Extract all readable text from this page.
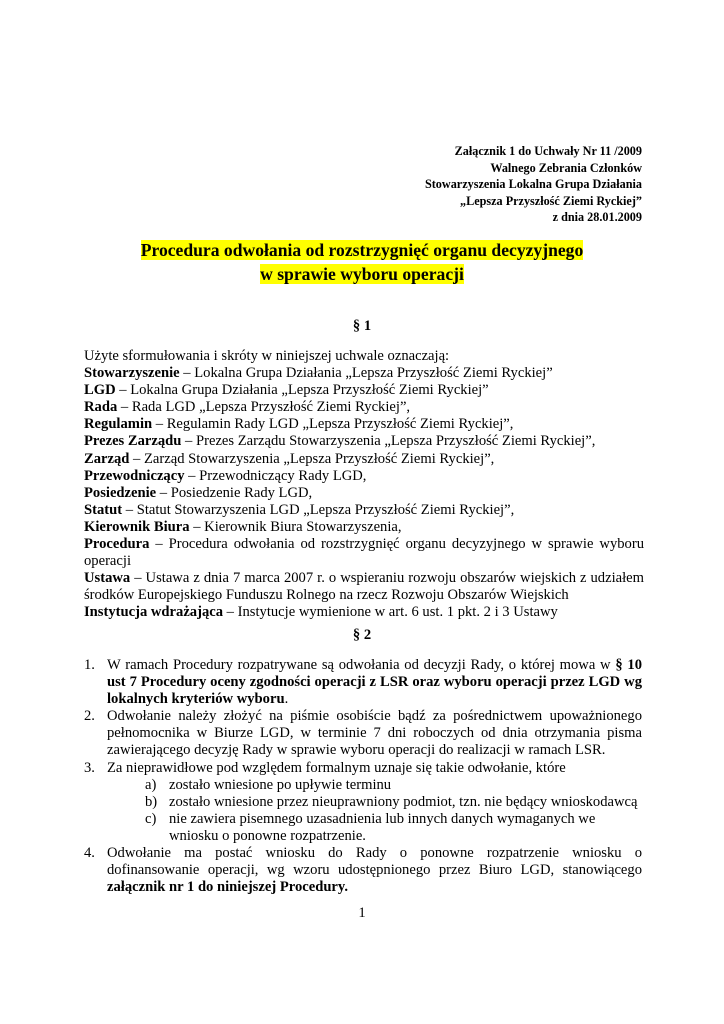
Załącznik 1 do Uchwały Nr 11 /2009
Walnego Zebrania Członków
Stowarzyszenia Lokalna Grupa Działania
„Lepsza Przyszłość Ziemi Ryckiej”
z dnia 28.01.2009
Procedura odwołania od rozstrzygnięć organu decyzyjnego
w sprawie wyboru operacji
§ 1
Użyte sformułowania i skróty w niniejszej uchwale oznaczają:
Stowarzyszenie – Lokalna Grupa Działania „Lepsza Przyszłość Ziemi Ryckiej”
LGD – Lokalna Grupa Działania „Lepsza Przyszłość Ziemi Ryckiej”
Rada – Rada LGD „Lepsza Przyszłość Ziemi Ryckiej”,
Regulamin – Regulamin Rady LGD „Lepsza Przyszłość Ziemi Ryckiej”,
Prezes Zarządu – Prezes Zarządu Stowarzyszenia „Lepsza Przyszłość Ziemi Ryckiej”,
Zarząd – Zarząd Stowarzyszenia „Lepsza Przyszłość Ziemi Ryckiej”,
Przewodniczący – Przewodniczący Rady LGD,
Posiedzenie – Posiedzenie Rady LGD,
Statut – Statut Stowarzyszenia LGD „Lepsza Przyszłość Ziemi Ryckiej”,
Kierownik Biura – Kierownik Biura Stowarzyszenia,
Procedura – Procedura odwołania od rozstrzygnięć organu decyzyjnego w sprawie wyboru operacji
Ustawa – Ustawa z dnia 7 marca 2007 r. o wspieraniu rozwoju obszarów wiejskich z udziałem środków Europejskiego Funduszu Rolnego na rzecz Rozwoju Obszarów Wiejskich
Instytucja wdrażająca – Instytucje wymienione w art. 6 ust. 1 pkt. 2 i 3 Ustawy
§ 2
1. W ramach Procedury rozpatrywane są odwołania od decyzji Rady, o której mowa w § 10 ust 7 Procedury oceny zgodności operacji z LSR oraz wyboru operacji przez LGD wg lokalnych kryteriów wyboru.
2. Odwołanie należy złożyć na piśmie osobiście bądź za pośrednictwem upoważnionego pełnomocnika w Biurze LGD, w terminie 7 dni roboczych od dnia otrzymania pisma zawierającego decyzję Rady w sprawie wyboru operacji do realizacji w ramach LSR.
3. Za nieprawidłowe pod względem formalnym uznaje się takie odwołanie, które
a) zostało wniesione po upływie terminu
b) zostało wniesione przez nieuprawniony podmiot, tzn. nie będący wnioskodawcą
c) nie zawiera pisemnego uzasadnienia lub innych danych wymaganych we wniosku o ponowne rozpatrzenie.
4. Odwołanie ma postać wniosku do Rady o ponowne rozpatrzenie wniosku o dofinansowanie operacji, wg wzoru udostępnionego przez Biuro LGD, stanowiącego załącznik nr 1 do niniejszej Procedury.
1
